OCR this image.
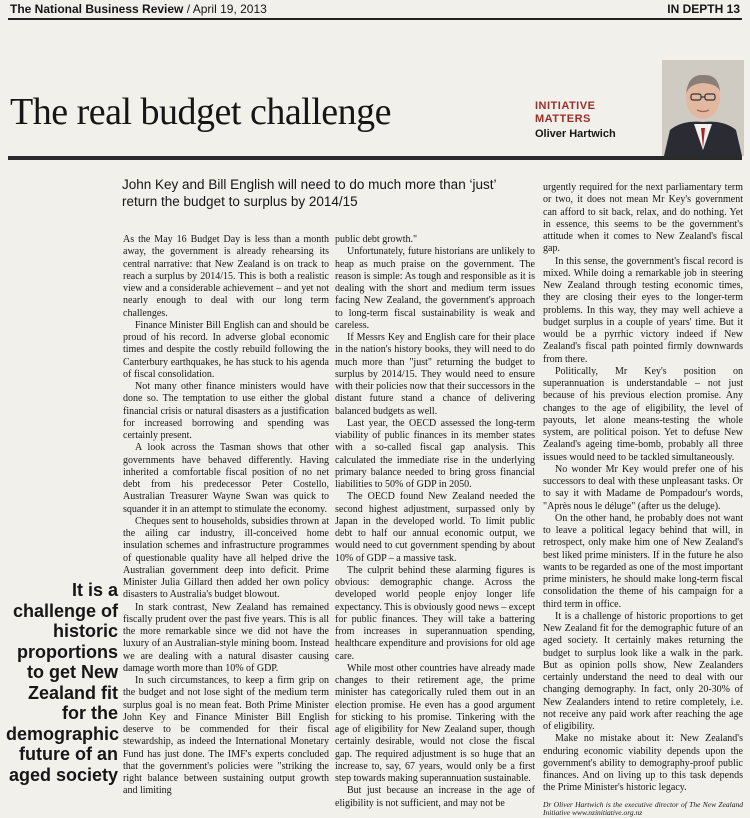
The National Business Review / April 19, 2013	IN DEPTH 13
The real budget challenge	INITIATIVE
MATTERS
Oliver Hartwich
John Key and Bill English will need to do much more than ‘just’ return the budget to surplus by 2014/15
It is a challenge of historic proportions to get New Zealand fit for the demographic future of an aged society

As the May 16 Budget Day is less than a month away, the government is already rehearsing its central narrative: that New Zealand is on track to reach a surplus by 2014/15. This is both a realistic view and a considerable achievement – and yet not nearly enough to deal with our long term challenges.

Finance Minister Bill English can and should be proud of his record. In adverse global economic times and despite the costly rebuild following the Canterbury earthquakes, he has stuck to his agenda of fiscal consolidation.

Not many other finance ministers would have done so. The temptation to use either the global financial crisis or natural disasters as a justification for increased borrowing and spending was certainly present.

A look across the Tasman shows that other governments have behaved differently. Having inherited a comfortable fiscal position of no net debt from his predecessor Peter Costello, Australian Treasurer Wayne Swan was quick to squander it in an attempt to stimulate the economy.

Cheques sent to households, subsidies thrown at the ailing car industry, ill-conceived home insulation schemes and infrastructure programmes of questionable quality have all helped drive the Australian government deep into deficit. Prime Minister Julia Gillard then added her own policy disasters to Australia's budget blowout.

In stark contrast, New Zealand has remained fiscally prudent over the past five years. This is all the more remarkable since we did not have the luxury of an Australian-style mining boom. Instead we are dealing with a natural disaster causing damage worth more than 10% of GDP.

In such circumstances, to keep a firm grip on the budget and not lose sight of the medium term surplus goal is no mean feat. Both Prime Minister John Key and Finance Minister Bill English deserve to be commended for their fiscal stewardship, as indeed the International Monetary Fund has just done. The IMF's experts concluded that the government's policies were "striking the right balance between sustaining output growth and limiting

public debt growth."

Unfortunately, future historians are unlikely to heap as much praise on the government. The reason is simple: As tough and responsible as it is dealing with the short and medium term issues facing New Zealand, the government's approach to long-term fiscal sustainability is weak and careless.

If Messrs Key and English care for their place in the nation's history books, they will need to do much more than "just" returning the budget to surplus by 2014/15. They would need to ensure with their policies now that their successors in the distant future stand a chance of delivering balanced budgets as well.

Last year, the OECD assessed the long-term viability of public finances in its member states with a so-called fiscal gap analysis. This calculated the immediate rise in the underlying primary balance needed to bring gross financial liabilities to 50% of GDP in 2050.

The OECD found New Zealand needed the second highest adjustment, surpassed only by Japan in the developed world. To limit public debt to half our annual economic output, we would need to cut government spending by about 10% of GDP – a massive task.

The culprit behind these alarming figures is obvious: demographic change. Across the developed world people enjoy longer life expectancy. This is obviously good news – except for public finances. They will take a battering from increases in superannuation spending, healthcare expenditure and provisions for old age care.

While most other countries have already made changes to their retirement age, the prime minister has categorically ruled them out in an election promise. He even has a good argument for sticking to his promise. Tinkering with the age of eligibility for New Zealand super, though certainly desirable, would not close the fiscal gap. The required adjustment is so huge that an increase to, say, 67 years, would only be a first step towards making superannuation sustainable.

But just because an increase in the age of eligibility is not sufficient, and may not be

urgently required for the next parliamentary term or two, it does not mean Mr Key's government can afford to sit back, relax, and do nothing. Yet in essence, this seems to be the government's attitude when it comes to New Zealand's fiscal gap.

In this sense, the government's fiscal record is mixed. While doing a remarkable job in steering New Zealand through testing economic times, they are closing their eyes to the longer-term problems. In this way, they may well achieve a budget surplus in a couple of years' time. But it would be a pyrrhic victory indeed if New Zealand's fiscal path pointed firmly downwards from there.

Politically, Mr Key's position on superannuation is understandable – not just because of his previous election promise. Any changes to the age of eligibility, the level of payouts, let alone means-testing the whole system, are political poison. Yet to defuse New Zealand's ageing time-bomb, probably all three issues would need to be tackled simultaneously.

No wonder Mr Key would prefer one of his successors to deal with these unpleasant tasks. Or to say it with Madame de Pompadour's words, "Après nous le déluge" (after us the deluge).

On the other hand, he probably does not want to leave a political legacy behind that will, in retrospect, only make him one of New Zealand's best liked prime ministers. If in the future he also wants to be regarded as one of the most important prime ministers, he should make long-term fiscal consolidation the theme of his campaign for a third term in office.

It is a challenge of historic proportions to get New Zealand fit for the demographic future of an aged society. It certainly makes returning the budget to surplus look like a walk in the park. But as opinion polls show, New Zealanders certainly understand the need to deal with our changing demography. In fact, only 20-30% of New Zealanders intend to retire completely, i.e. not receive any paid work after reaching the age of eligibility.

Make no mistake about it: New Zealand's enduring economic viability depends upon the government's ability to demography-proof public finances. And on living up to this task depends the Prime Minister's historic legacy.

Dr Oliver Hartwich is the executive director of The New Zealand Initiative www.nzinitiative.org.nz
